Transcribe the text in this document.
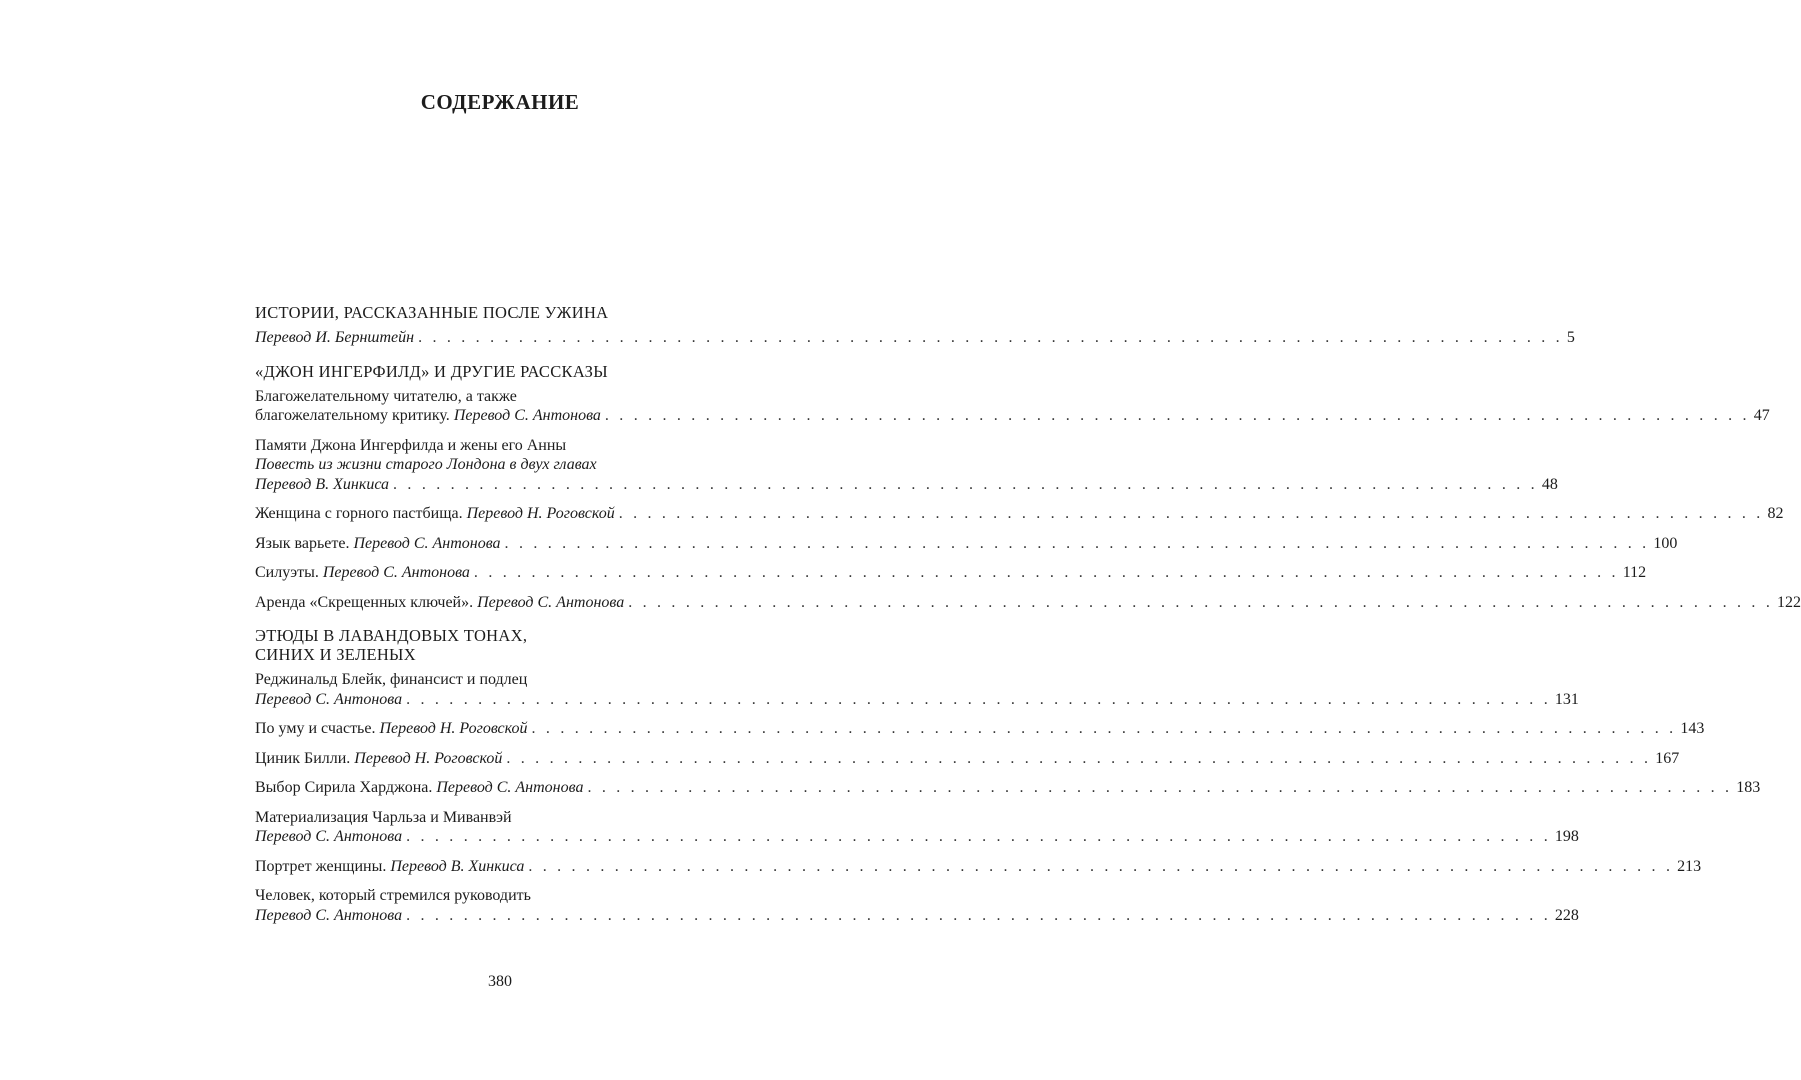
СОДЕРЖАНИЕ
ИСТОРИИ, РАССКАЗАННЫЕ ПОСЛЕ УЖИНА
Перевод И. Бернштейн . . . . . . . . . . . . . . . . . . . . . . . . . . . . . . . . . . . . . . . . . . . . . . . . . . . . . . . . . . . . . . . . . . . . . . . . . . . . . . . . 5
«ДЖОН ИНГЕРФИЛД» И ДРУГИЕ РАССКАЗЫ
Благожелательному читателю, а также
благожелательному критику.
Перевод С. Антонова . . . . . . . . . . . . . . . . . . . . . . . . . . . . . . . . . . . . . . . . . . . . . . . . . . . . . . . . . . . . . . . . . . . . . . . . . . . . . . . . 47
Памяти Джона Ингерфилда и жены его Анны
Повесть из жизни старого Лондона в двух главах
Перевод В. Хинкиса . . . . . . . . . . . . . . . . . . . . . . . . . . . . . . . . . . . . . . . . . . . . . . . . . . . . . . . . . . . . . . . . . . . . . . . . . . . . . . . . 48
Женщина с горного пастбища.
Перевод Н. Роговской . . . . . . . . . . . . . . . . . . . . . . . . . . . . . . . . . . . . . . . . . . . . . . . . . . . . . . . . . . . . . . . . . . . . . . . . . . . . . . . . 82
Язык варьете.
Перевод С. Антонова . . . . . . . . . . . . . . . . . . . . . . . . . . . . . . . . . . . . . . . . . . . . . . . . . . . . . . . . . . . . . . . . . . . . . . . . . . . . . . . . 100
Силуэты.
Перевод С. Антонова . . . . . . . . . . . . . . . . . . . . . . . . . . . . . . . . . . . . . . . . . . . . . . . . . . . . . . . . . . . . . . . . . . . . . . . . . . . . . . . . 112
Аренда «Скрещенных ключей».
Перевод С. Антонова . . . . . . . . . . . . . . . . . . . . . . . . . . . . . . . . . . . . . . . . . . . . . . . . . . . . . . . . . . . . . . . . . . . . . . . . . . . . . . . . 122
ЭТЮДЫ В ЛАВАНДОВЫХ ТОНАХ,
СИНИХ И ЗЕЛЕНЫХ
Реджинальд Блейк, финансист и подлец
Перевод С. Антонова . . . . . . . . . . . . . . . . . . . . . . . . . . . . . . . . . . . . . . . . . . . . . . . . . . . . . . . . . . . . . . . . . . . . . . . . . . . . . . . . 131
По уму и счастье.
Перевод Н. Роговской . . . . . . . . . . . . . . . . . . . . . . . . . . . . . . . . . . . . . . . . . . . . . . . . . . . . . . . . . . . . . . . . . . . . . . . . . . . . . . . . 143
Циник Билли.
Перевод Н. Роговской . . . . . . . . . . . . . . . . . . . . . . . . . . . . . . . . . . . . . . . . . . . . . . . . . . . . . . . . . . . . . . . . . . . . . . . . . . . . . . . . 167
Выбор Сирила Харджона.
Перевод С. Антонова . . . . . . . . . . . . . . . . . . . . . . . . . . . . . . . . . . . . . . . . . . . . . . . . . . . . . . . . . . . . . . . . . . . . . . . . . . . . . . . . 183
Материализация Чарльза и Миванвэй
Перевод С. Антонова . . . . . . . . . . . . . . . . . . . . . . . . . . . . . . . . . . . . . . . . . . . . . . . . . . . . . . . . . . . . . . . . . . . . . . . . . . . . . . . . 198
Портрет женщины.
Перевод В. Хинкиса . . . . . . . . . . . . . . . . . . . . . . . . . . . . . . . . . . . . . . . . . . . . . . . . . . . . . . . . . . . . . . . . . . . . . . . . . . . . . . . . 213
Человек, который стремился руководить
Перевод С. Антонова . . . . . . . . . . . . . . . . . . . . . . . . . . . . . . . . . . . . . . . . . . . . . . . . . . . . . . . . . . . . . . . . . . . . . . . . . . . . . . . . 228
380
